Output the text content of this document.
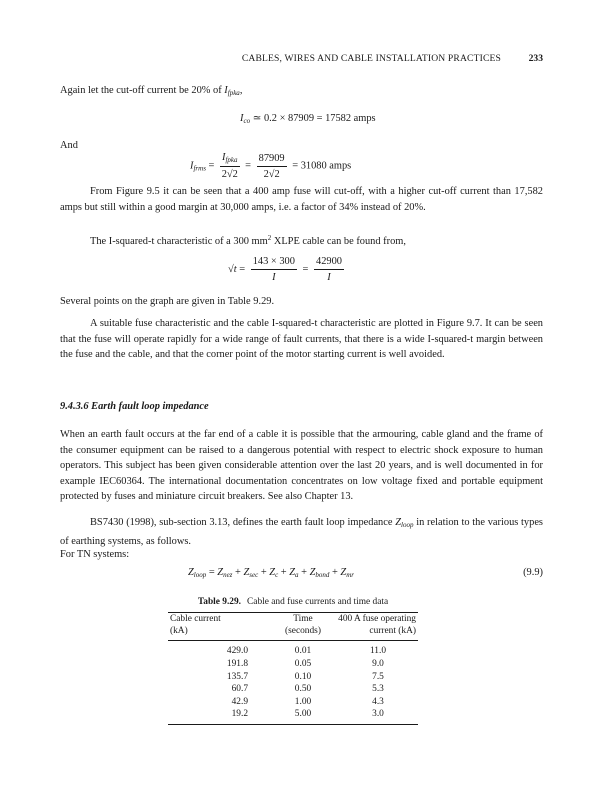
CABLES, WIRES AND CABLE INSTALLATION PRACTICES	233

Again let the cut-off current be 20% of $I_{fpka}$,

$I_{co}$ ≃ 0.2 × 87909 = 17582 amps

And

$I_{frms} = \frac{I_{fpka}}{2√2} = \frac{87909}{2√2} = 31080$ amps

From Figure 9.5 it can be seen that a 400 amp fuse will cut-off, with a higher cut-off current than 17,582 amps but still within a good margin at 30,000 amps, i.e. a factor of 34% instead of 20%.

The I-squared-t characteristic of a 300 $mm^2$ XLPE cable can be found from,

$√t = \frac{143 \times 300}{I} = \frac{42900}{I}$

Several points on the graph are given in Table 9.29.

A suitable fuse characteristic and the cable I-squared-t characteristic are plotted in Figure 9.7. It can be seen that the fuse will operate rapidly for a wide range of fault currents, that there is a wide I-squared-t margin between the fuse and the cable, and that the corner point of the motor starting current is well avoided.

9.4.3.6 Earth fault loop impedance

When an earth fault occurs at the far end of a cable it is possible that the armouring, cable gland and the frame of the consumer equipment can be raised to a dangerous potential with respect to electric shock exposure to human operators. This subject has been given considerable attention over the last 20 years, and is well documented in for example IEC60364. The international documentation concentrates on low voltage fixed and portable equipment protected by fuses and miniature circuit breakers. See also Chapter 13.

BS7430 (1998), sub-section 3.13, defines the earth fault loop impedance $Z_{loop}$ in relation to the various types of earthing systems, as follows.

For TN systems:

$Z_{loop} = Z_{nez} + Z_{sec} + Z_c + Z_a + Z_{bond} + Z_{mr}$	(9.9)
Table 9.29. Cable and fuse currents and time data
Cable current	Time	400 A fuse operating
(kA)	(seconds)	current (kA)
429.0	0.01	11.0
191.8	0.05	9.0
135.7	0.10	7.5
60.7	0.50	5.3
42.9	1.00	4.3
19.2	5.00	3.0
